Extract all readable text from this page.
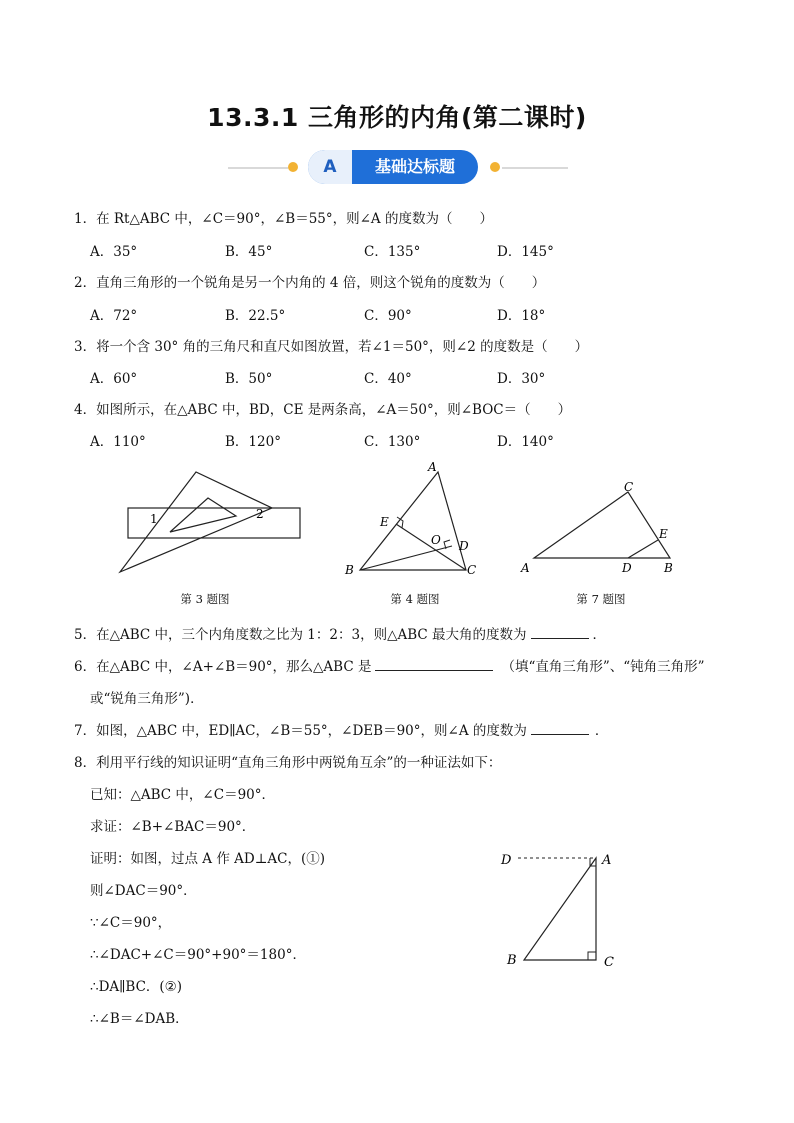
13.3.1 三角形的内角(第二课时)
A	基础达标题
1．在 Rt△ABC 中，∠C＝90°，∠B＝55°，则∠A 的度数为（　　）
A．35°	B．45°	C．135°	D．145°
2．直角三角形的一个锐角是另一个内角的 4 倍，则这个锐角的度数为（　　）
A．72°	B．22.5°	C．90°	D．18°
3．将一个含 30° 角的三角尺和直尺如图放置，若∠1＝50°，则∠2 的度数是（　　）
A．60°	B．50°	C．40°	D．30°
4．如图所示，在△ABC 中，BD，CE 是两条高，∠A＝50°，则∠BOC＝（　　）
A．110°	B．120°	C．130°	D．140°
1	2
第 3 题图
A
E
O D
B	C
第 4 题图
C
E
A	D	B
第 7 题图
5．在△ABC 中，三个内角度数之比为 1：2：3，则△ABC 最大角的度数为	．
6．在△ABC 中，∠A+∠B＝90°，那么△ABC 是	（填“直角三角形”、“钝角三角形”
或“锐角三角形”)．
7．如图，△ABC 中，ED∥AC，∠B＝55°，∠DEB＝90°，则∠A 的度数为	．
8．利用平行线的知识证明“直角三角形中两锐角互余”的一种证法如下：
已知：△ABC 中，∠C＝90°．
求证：∠B+∠BAC＝90°．
证明：如图，过点 A 作 AD⊥AC，(①)
则∠DAC＝90°．
∵∠C＝90°，
∴∠DAC+∠C＝90°+90°＝180°．
∴DA∥BC．(②)
∴∠B＝∠DAB．
D	A
B	C
